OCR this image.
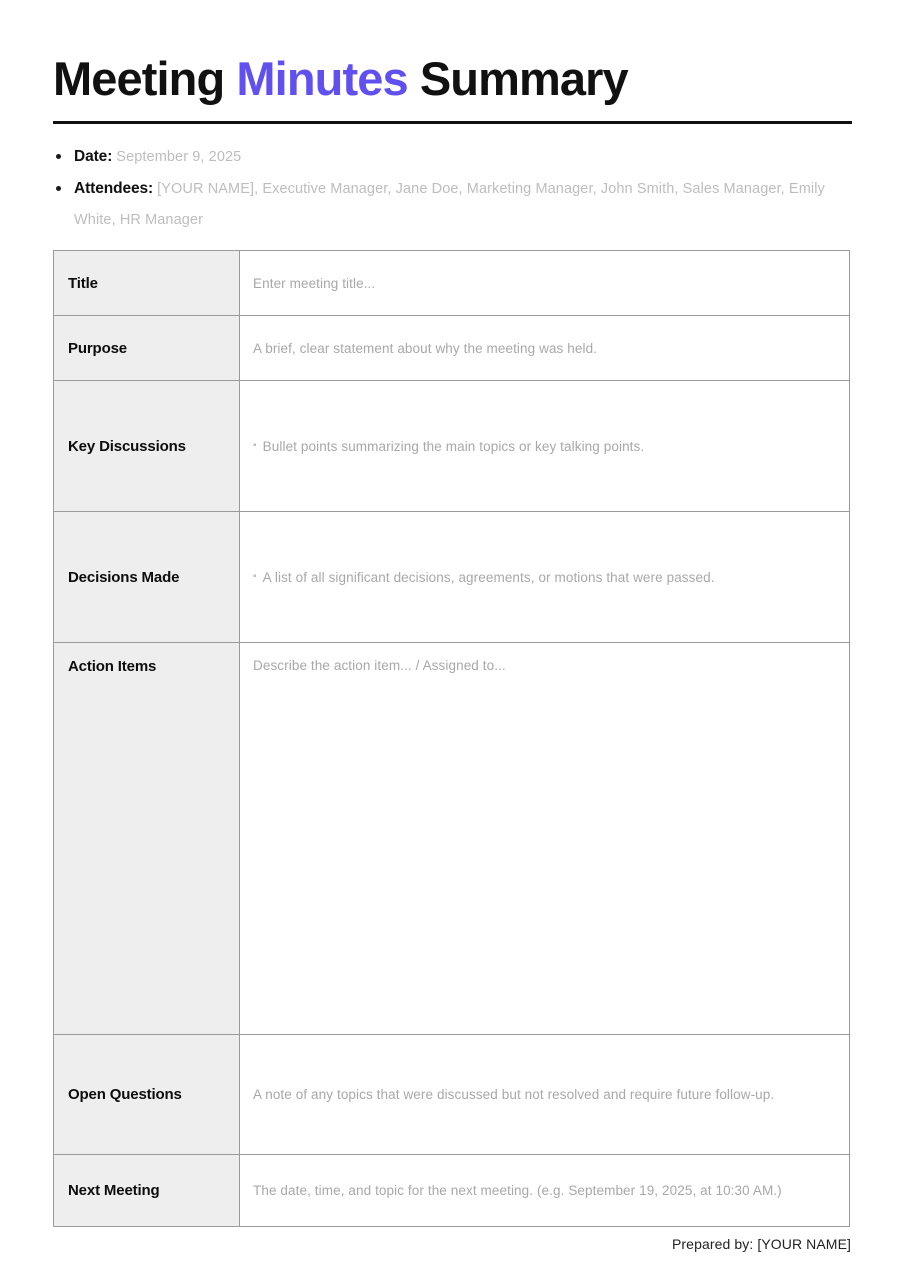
Meeting Minutes Summary
Date: September 9, 2025
Attendees: [YOUR NAME], Executive Manager, Jane Doe, Marketing Manager, John Smith, Sales Manager, Emily White, HR Manager
Title	Enter meeting title...
Purpose	A brief, clear statement about why the meeting was held.
Key Discussions	▪ Bullet points summarizing the main topics or key talking points.
Decisions Made	▪ A list of all significant decisions, agreements, or motions that were passed.
Action Items	Describe the action item... / Assigned to...
Open Questions	A note of any topics that were discussed but not resolved and require future follow-up.
Next Meeting	The date, time, and topic for the next meeting. (e.g. September 19, 2025, at 10:30 AM.)
Prepared by: [YOUR NAME]
